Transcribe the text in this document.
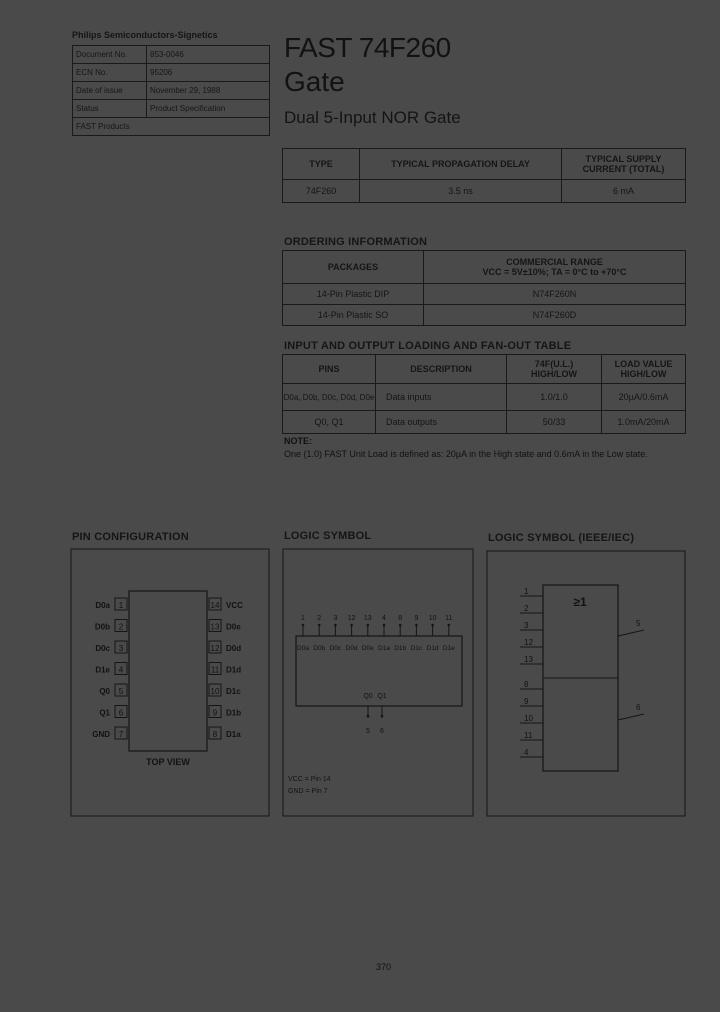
Philips Semiconductors-Signetics
Document No.	853-0046
ECN No.	95206
Date of issue	November 29, 1988
Status	Product Specification
FAST Products	
FAST 74F260
Gate
Dual 5-Input NOR Gate
TYPE	TYPICAL PROPAGATION DELAY	TYPICAL SUPPLY CURRENT (TOTAL)
74F260	3.5 ns	6 mA
ORDERING INFORMATION
PACKAGES	COMMERCIAL RANGE
VCC = 5V±10%; TA = 0°C to +70°C

14-Pin Plastic DIP	N74F260N
14-Pin Plastic SO	N74F260D
INPUT AND OUTPUT LOADING AND FAN-OUT TABLE
PINS	DESCRIPTION	74F(U.L.) HIGH/LOW	LOAD VALUE HIGH/LOW
D0a, D0b, D0c, D0d, D0e	Data inputs	1.0/1.0	20µA/0.6mA
Q0, Q1	Data outputs	50/33	1.0mA/20mA
NOTE:
One (1.0) FAST Unit Load is defined as: 20µA in the High state and 0.6mA in the Low state.
PIN CONFIGURATION
1
D0a
2
D0b
3
D0c
4
D1e
5
Q0
6
Q1
7
GND
14 VCC
13 D0e
12 D0d
11 D1d
10 D1c
9 D1b
8 D1a
TOP VIEW
LOGIC SYMBOL
1
D0a
2
D0b
3
D0c
12
D0d
13
D0e
4
D1a
8
D1b
9
D1c
10
D1d
11
D1e
Q0
5
Q1
6
VCC = Pin 14
GND = Pin 7
LOGIC SYMBOL (IEEE/IEC)
≥1
1
2
3
12
13
8
9
10
11
4
5
6
370
